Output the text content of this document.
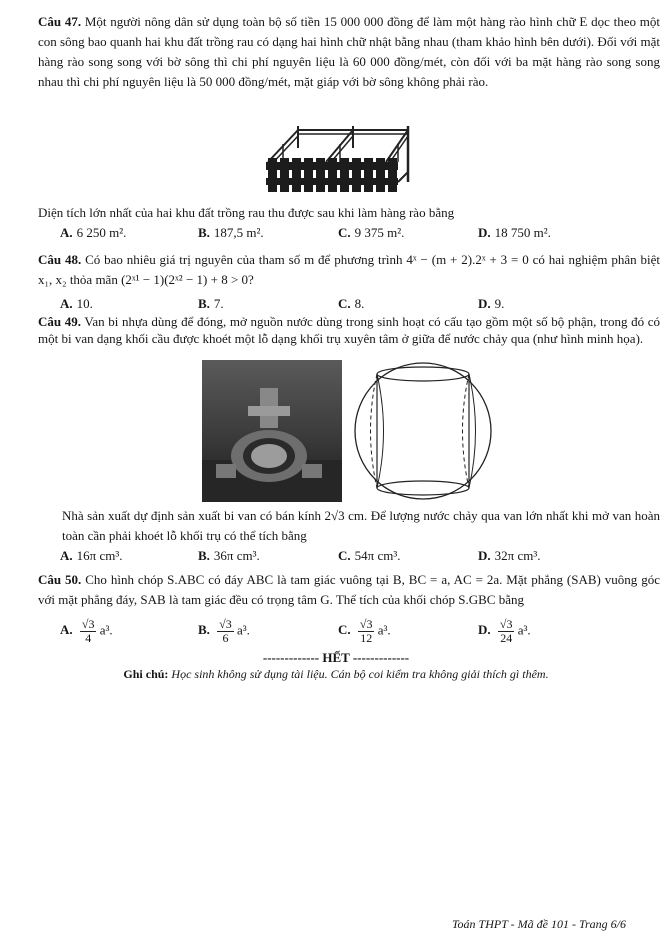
Câu 47. Một người nông dân sử dụng toàn bộ số tiền 15 000 000 đồng để làm một hàng rào hình chữ E dọc theo một con sông bao quanh hai khu đất trồng rau có dạng hai hình chữ nhật bằng nhau (tham khảo hình bên dưới). Đối với mặt hàng rào song song với bờ sông thì chi phí nguyên liệu là 60 000 đồng/mét, còn đối với ba mặt hàng rào song song nhau thì chi phí nguyên liệu là 50 000 đồng/mét, mặt giáp với bờ sông không phải rào.
Diện tích lớn nhất của hai khu đất trồng rau thu được sau khi làm hàng rào bằng
A. 6 250 m².	B. 187,5 m².	C. 9 375 m².	D. 18 750 m².
Câu 48. Có bao nhiêu giá trị nguyên của tham số m để phương trình 4ˣ − (m + 2).2ˣ + 3 = 0 có hai nghiệm phân biệt x₁, x₂ thỏa mãn (2ˣ¹ − 1)(2ˣ² − 1) + 8 > 0?
A. 10.	B. 7.	C. 8.	D. 9.
Câu 49. Van bi nhựa dùng để đóng, mở nguồn nước dùng trong sinh hoạt có cấu tạo gồm một số bộ phận, trong đó có một bi van dạng khối cầu được khoét một lỗ dạng khối trụ xuyên tâm ở giữa để nước chảy qua (như hình minh họa).
Nhà sản xuất dự định sản xuất bi van có bán kính 2√3 cm. Để lượng nước chảy qua van lớn nhất khi mở van hoàn toàn cần phải khoét lỗ khối trụ có thể tích bằng
A. 16π cm³.	B. 36π cm³.	C. 54π cm³.	D. 32π cm³.
Câu 50. Cho hình chóp S.ABC có đáy ABC là tam giác vuông tại B, BC = a, AC = 2a. Mặt phẳng (SAB) vuông góc với mặt phẳng đáy, SAB là tam giác đều có trọng tâm G. Thể tích của khối chóp S.GBC bằng
A. $\frac{√3}{4} a^3$.	B. $\frac{√3}{6} a^3$.	C. $\frac{√3}{12} a^3$.	D. $\frac{√3}{24} a^3$.
------------- HẾT -------------
Ghi chú: Học sinh không sử dụng tài liệu. Cán bộ coi kiểm tra không giải thích gì thêm.
Toán THPT - Mã đề 101 - Trang 6/6
